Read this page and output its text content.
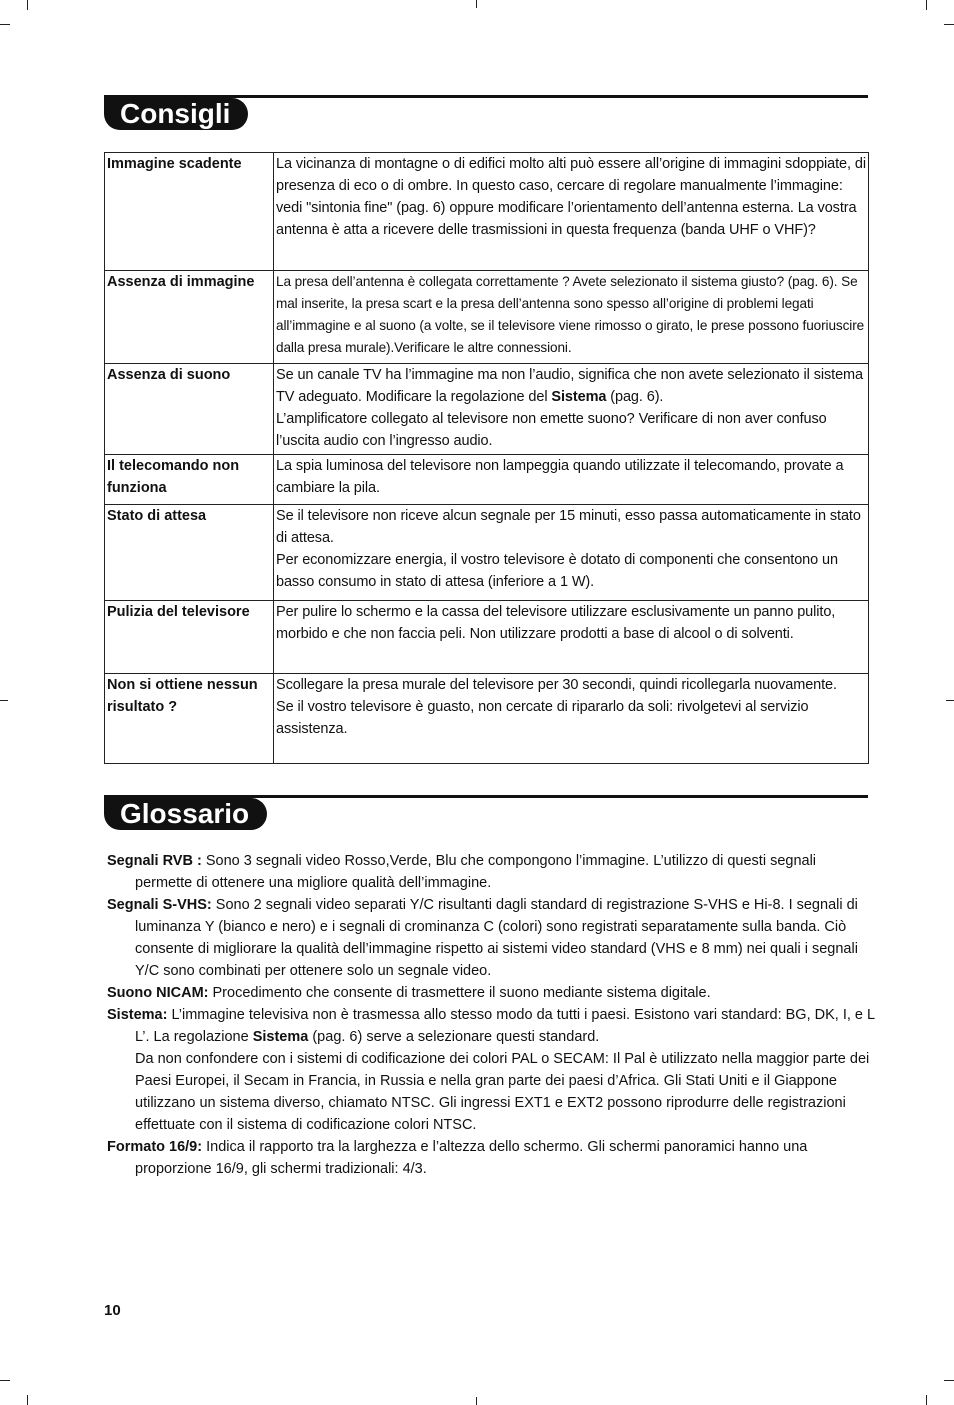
Consigli
Immagine scadente	La vicinanza di montagne o di edifici molto alti può essere all’origine di immagini sdoppiate, di presenza di eco o di ombre. In questo caso, cercare di regolare manualmente l’immagine: vedi "sintonia fine" (pag. 6) oppure modificare l’orientamento dell’antenna esterna. La vostra antenna è atta a ricevere delle trasmissioni in questa frequenza (banda UHF o VHF)?
Assenza di immagine	La presa dell’antenna è collegata correttamente ? Avete selezionato il sistema giusto? (pag. 6). Se mal inserite, la presa scart e la presa dell’antenna sono spesso all’origine di problemi legati all’immagine e al suono (a volte, se il televisore viene rimosso o girato, le prese possono fuoriuscire dalla presa murale).Verificare le altre connessioni.
Assenza di suono	Se un canale TV ha l’immagine ma non l’audio, significa che non avete selezionato il sistema TV adeguato. Modificare la regolazione del Sistema (pag. 6).
L’amplificatore collegato al televisore non emette suono? Verificare di non aver confuso l’uscita audio con l’ingresso audio.
Il telecomando non funziona	La spia luminosa del televisore non lampeggia quando utilizzate il telecomando, provate a cambiare la pila.
Stato di attesa	Se il televisore non riceve alcun segnale per 15 minuti, esso passa automaticamente in stato di attesa.
Per economizzare energia, il vostro televisore è dotato di componenti che consentono un basso consumo in stato di attesa (inferiore a 1 W).
Pulizia del televisore	Per pulire lo schermo e la cassa del televisore utilizzare esclusivamente un panno pulito, morbido e che non faccia peli. Non utilizzare prodotti a base di alcool o di solventi.
Non si ottiene nessun risultato ?	Scollegare la presa murale del televisore per 30 secondi, quindi ricollegarla nuovamente.
Se il vostro televisore è guasto, non cercate di ripararlo da soli: rivolgetevi al servizio assistenza.
Glossario

Segnali RVB : Sono 3 segnali video Rosso,Verde, Blu che compongono l’immagine. L’utilizzo di questi segnali permette di ottenere una migliore qualità dell’immagine.

Segnali S-VHS: Sono 2 segnali video separati Y/C risultanti dagli standard di registrazione S-VHS e Hi-8. I segnali di luminanza Y (bianco e nero) e i segnali di crominanza C (colori) sono registrati separatamente sulla banda. Ciò consente di migliorare la qualità dell’immagine rispetto ai sistemi video standard (VHS e 8 mm) nei quali i segnali Y/C sono combinati per ottenere solo un segnale video.

Suono NICAM: Procedimento che consente di trasmettere il suono mediante sistema digitale.

Sistema: L’immagine televisiva non è trasmessa allo stesso modo da tutti i paesi. Esistono vari standard: BG, DK, I, e L L’. La regolazione Sistema (pag. 6) serve a selezionare questi standard.

Da non confondere con i sistemi di codificazione dei colori PAL o SECAM: Il Pal è utilizzato nella maggior parte dei Paesi Europei, il Secam in Francia, in Russia e nella gran parte dei paesi d’Africa. Gli Stati Uniti e il Giappone utilizzano un sistema diverso, chiamato NTSC. Gli ingressi EXT1 e EXT2 possono riprodurre delle registrazioni effettuate con il sistema di codificazione colori NTSC.

Formato 16/9: Indica il rapporto tra la larghezza e l’altezza dello schermo. Gli schermi panoramici hanno una proporzione 16/9, gli schermi tradizionali: 4/3.

10
